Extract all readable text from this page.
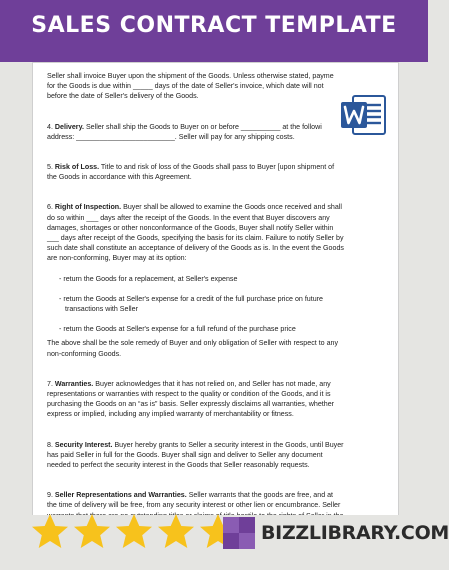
SALES CONTRACT TEMPLATE

Seller shall invoice Buyer upon the shipment of the Goods. Unless otherwise stated, payme

for the Goods is due within _____ days of the date of Seller's invoice, which date will not

before the date of Seller's delivery of the Goods.

4. Delivery. Seller shall ship the Goods to Buyer on or before __________ at the followi

address: _________________________. Seller will pay for any shipping costs.

5. Risk of Loss. Title to and risk of loss of the Goods shall pass to Buyer [upon shipment of

the Goods in accordance with this Agreement.

6. Right of Inspection. Buyer shall be allowed to examine the Goods once received and shall

do so within ___ days after the receipt of the Goods. In the event that Buyer discovers any

damages, shortages or other nonconformance of the Goods, Buyer shall notify Seller within

___ days after receipt of the Goods, specifying the basis for its claim. Failure to notify Seller by

such date shall constitute an acceptance of delivery of the Goods as is. In the event the Goods

are non-conforming, Buyer may at its option:

- return the Goods for a replacement, at Seller's expense

- return the Goods at Seller's expense for a credit of the full purchase price on future

transactions with Seller

- return the Goods at Seller's expense for a full refund of the purchase price

The above shall be the sole remedy of Buyer and only obligation of Seller with respect to any

non-conforming Goods.

7. Warranties. Buyer acknowledges that it has not relied on, and Seller has not made, any

representations or warranties with respect to the quality or condition of the Goods, and it is

purchasing the Goods on an “as is” basis. Seller expressly disclaims all warranties, whether

express or implied, including any implied warranty of merchantability or fitness.

8. Security Interest. Buyer hereby grants to Seller a security interest in the Goods, until Buyer

has paid Seller in full for the Goods. Buyer shall sign and deliver to Seller any document

needed to perfect the security interest in the Goods that Seller reasonably requests.

9. Seller Representations and Warranties. Seller warrants that the goods are free, and at

the time of delivery will be free, from any security interest or other lien or encumbrance. Seller

BIZZLIBRARY.COM
